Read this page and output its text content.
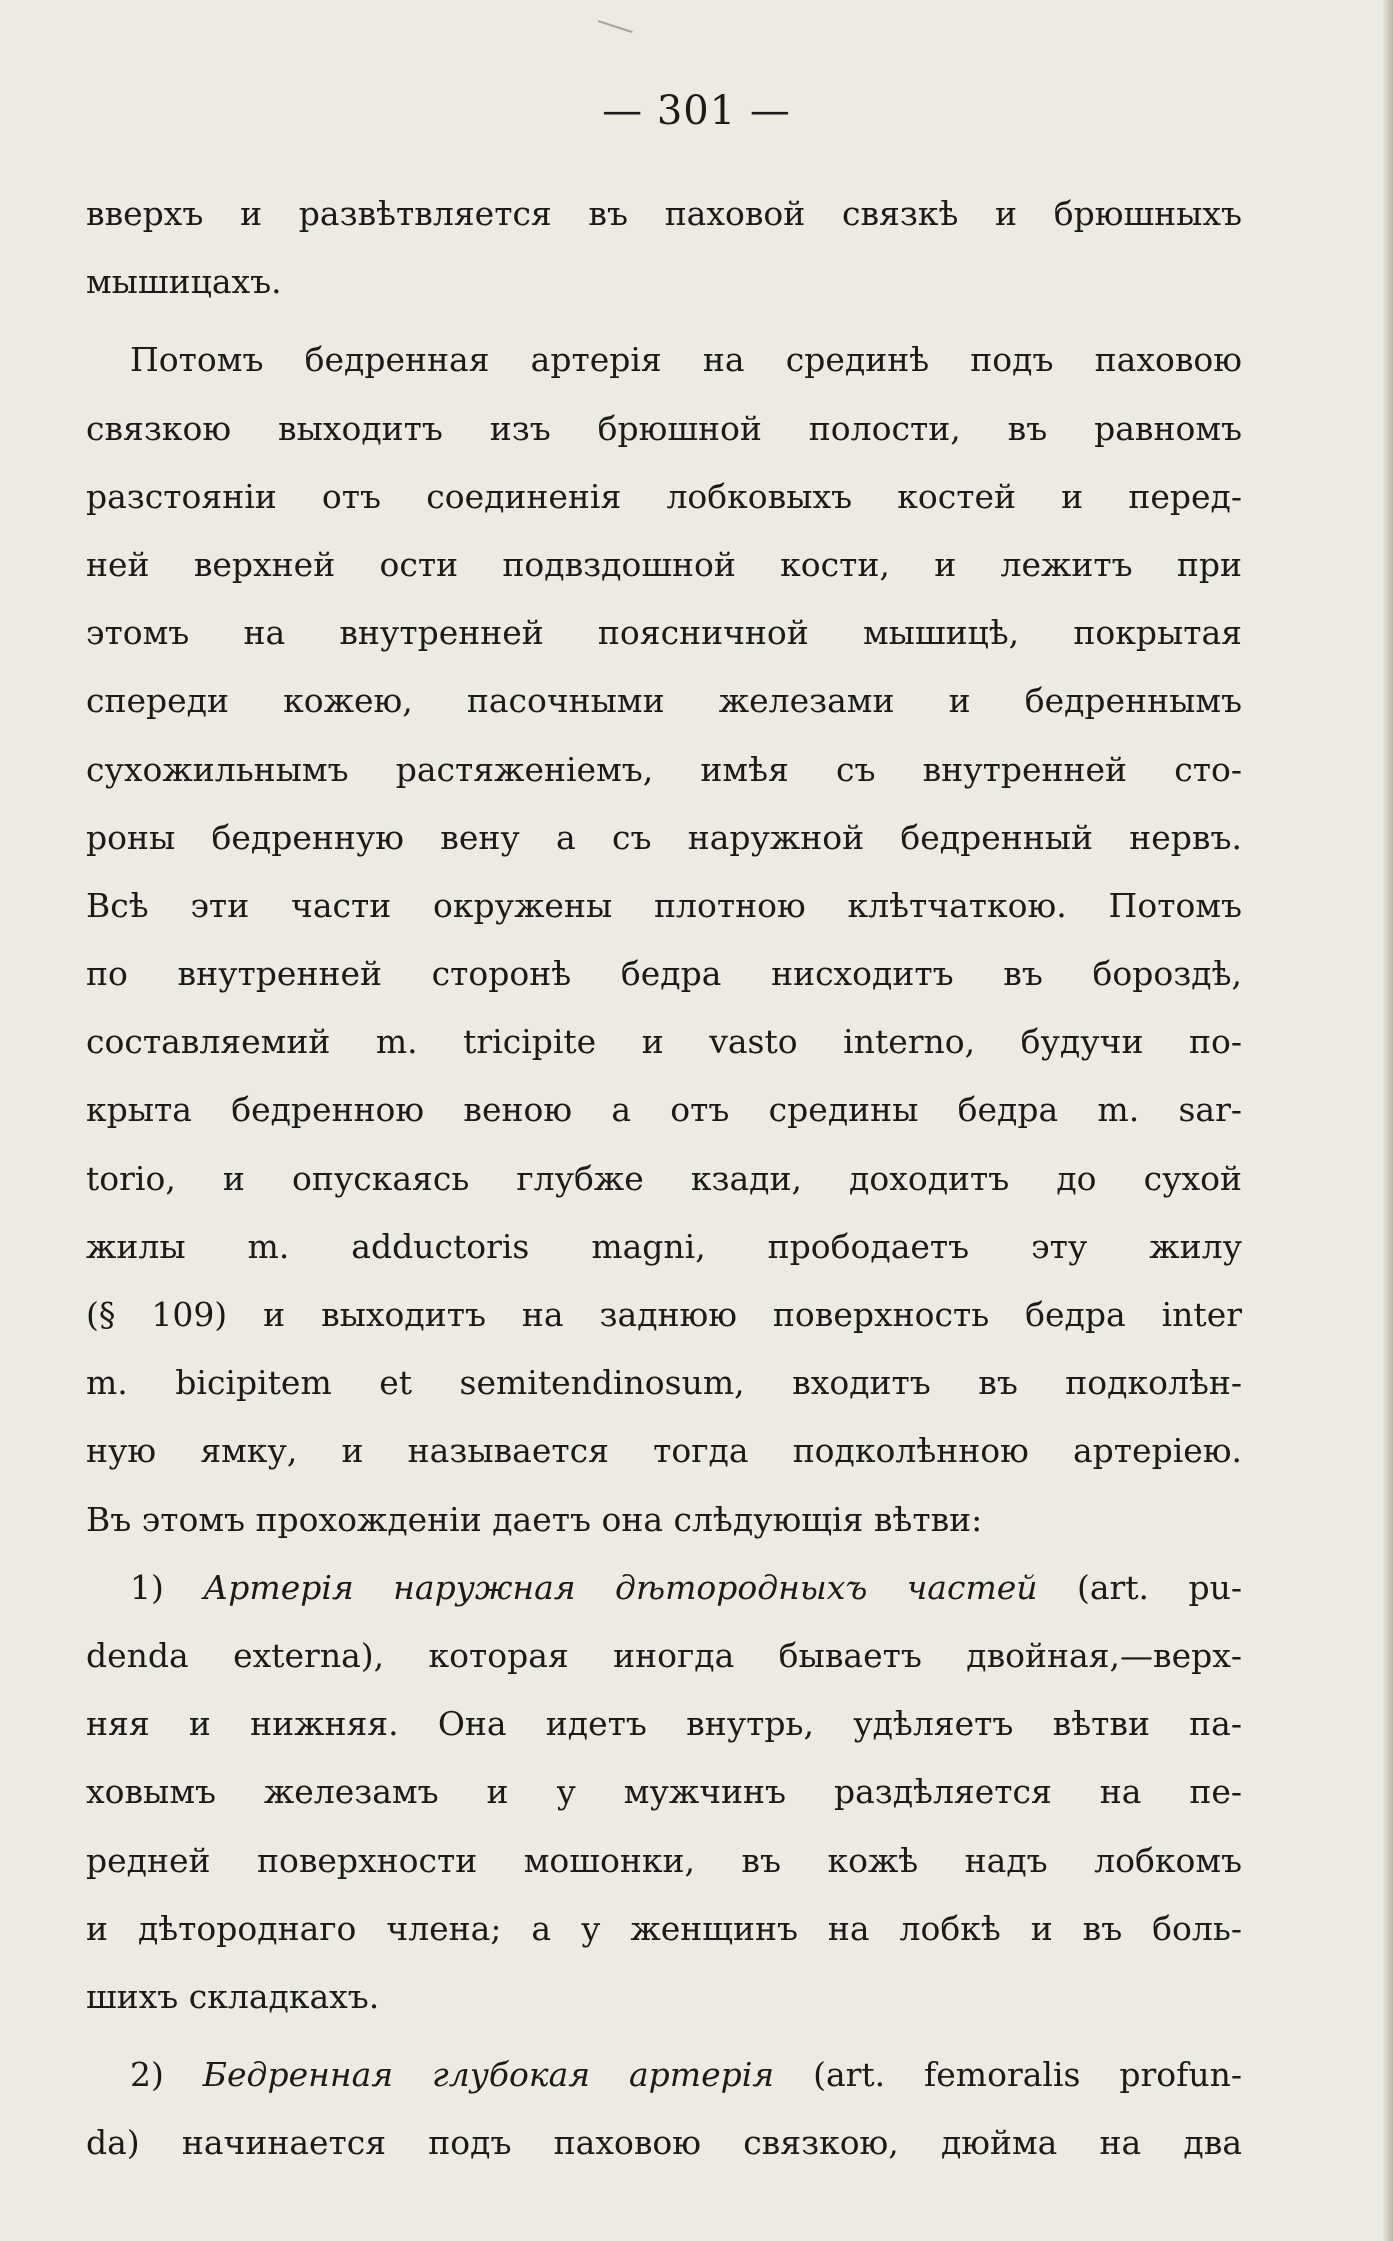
— 301 —
вверхъ и развѣтвляется въ паховой связкѣ и брюшныхъ
мышицахъ.
Потомъ бедренная артерія на срединѣ подъ паховою
связкою выходитъ изъ брюшной полости, въ равномъ
разстояніи отъ соединенія лобковыхъ костей и перед-
ней верхней ости подвздошной кости, и лежитъ при
этомъ на внутренней поясничной мышицѣ, покрытая
спереди кожею, пасочными железами и бедреннымъ
сухожильнымъ растяженіемъ, имѣя съ внутренней сто-
роны бедренную вену а съ наружной бедренный нервъ.
Всѣ эти части окружены плотною клѣтчаткою. Потомъ
по внутренней сторонѣ бедра нисходитъ въ бороздѣ,
составляемий m. tricipite и vasto interno, будучи по-
крыта бедренною веною а отъ средины бедра m. sar-
torio, и опускаясь глубже кзади, доходитъ до сухой
жилы m. adductoris magni, прободаетъ эту жилу
(§ 109) и выходитъ на заднюю поверхность бедра inter
m. bicipitem et semitendinosum, входитъ въ подколѣн-
ную ямку, и называется тогда подколѣнною артеріею.
Въ этомъ прохожденіи даетъ она слѣдующія вѣтви:
1) Артерія наружная дѣтородныхъ частей (art. pu-
denda externa), которая иногда бываетъ двойная,—верх-
няя и нижняя. Она идетъ внутрь, удѣляетъ вѣтви па-
ховымъ железамъ и у мужчинъ раздѣляется на пе-
редней поверхности мошонки, въ кожѣ надъ лобкомъ
и дѣтороднаго члена; а у женщинъ на лобкѣ и въ боль-
шихъ складкахъ.
2) Бедренная глубокая артерія (art. femoralis profun-
da) начинается подъ паховою связкою, дюйма на два
